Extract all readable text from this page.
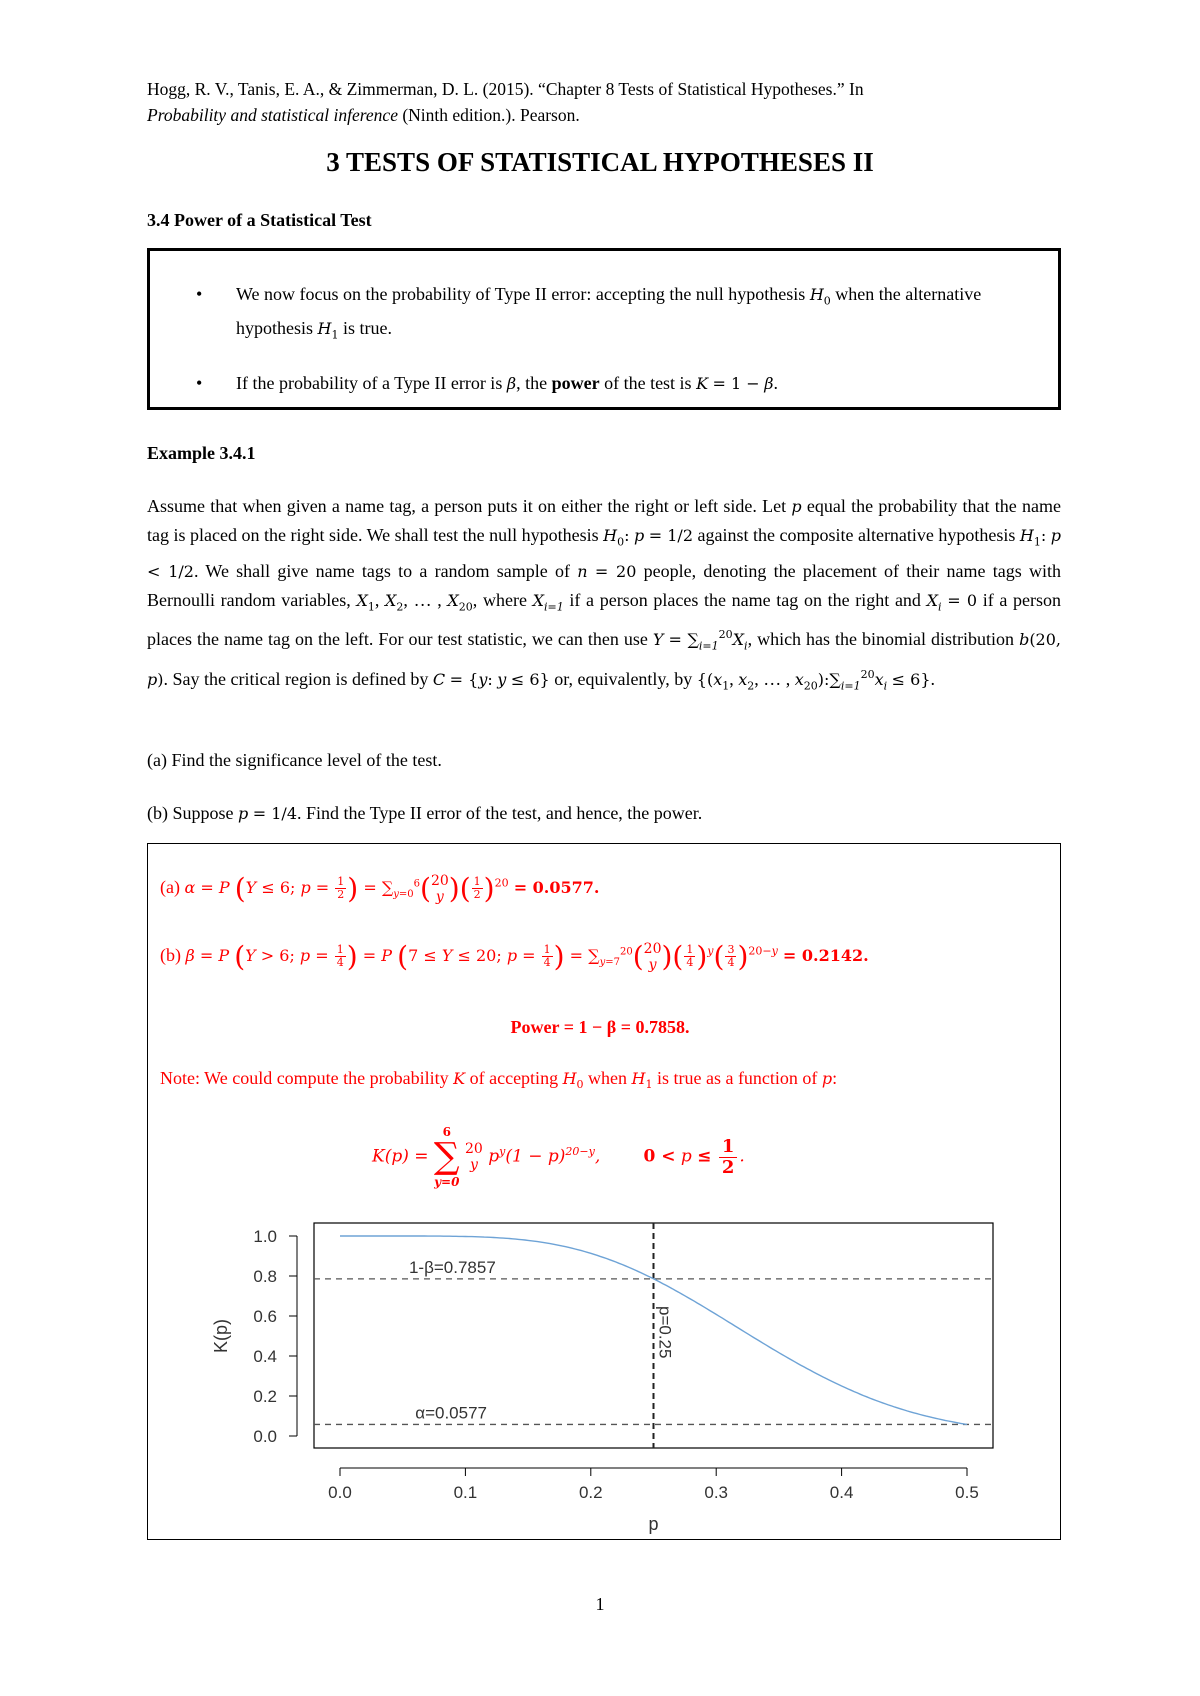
Hogg, R. V., Tanis, E. A., & Zimmerman, D. L. (2015). “Chapter 8 Tests of Statistical Hypotheses.” In
Probability and statistical inference (Ninth edition.). Pearson.
3 TESTS OF STATISTICAL HYPOTHESES II
3.4 Power of a Statistical Test
• We now focus on the probability of Type II error: accepting the null hypothesis $H_0$ when the alternative hypothesis $H_1$ is true.
• If the probability of a Type II error is β, the power of the test is K = 1 − β.
Example 3.4.1

Assume that when given a name tag, a person puts it on either the right or left side. Let p equal the probability that the name tag is placed on the right side. We shall test the null hypothesis $H_0$: p = 1/2 against the composite alternative hypothesis $H_1$: p < 1/2. We shall give name tags to a random sample of n = 20 people, denoting the placement of their name tags with Bernoulli random variables, $X_1$, $X_2$, … , $X_{20}$, where $X_{i=1}$ if a person places the name tag on the right and $X_i = 0$ if a person places the name tag on the left. For our test statistic, we can then use $Y = \sum_{i=1}^{20}X_i$, which has the binomial distribution b(20, p). Say the critical region is defined by C = {y: y ≤ 6} or, equivalently, by {($x_1$, $x_2$, … , $x_{20}):\sum_{i=1}^{20}x_i \le 6$}.

(a) Find the significance level of the test.
(b) Suppose p = 1/4. Find the Type II error of the test, and hence, the power.
(a) α = P (Y ≤ 6; $p = \frac{1}{2}$ ) = $\sum_{y=0}^6$( 20
y )( $\frac{1}{2} )^{20} = 0.0577$.
(b) β = P (Y > 6; $p = \frac{1}{4}$ ) = P (7 ≤ Y ≤ 20; $p = \frac{1}{4}$ ) = $\sum_{y=7}^{20}$( 20
y )( $\frac{1}{4} )^y( \frac{3}{4} )^{20-y} = 0.2142$.
Power = 1 − β = 0.7858.
Note: We could compute the probability K of accepting $H_0$ when $H_1$ is true as a function of p:
K(p) =
6
∑
y=0

20
y $p^y(1 - p)^{20-y}$,        $0 < p \le \frac{1}{2}$ .
0.0
0.2
0.4
0.6
0.8
1.0
0.0	0.1	0.2	0.3	0.4	0.5
1-β=0.7857
α=0.0577
p=0.25
p
K(p)
1
